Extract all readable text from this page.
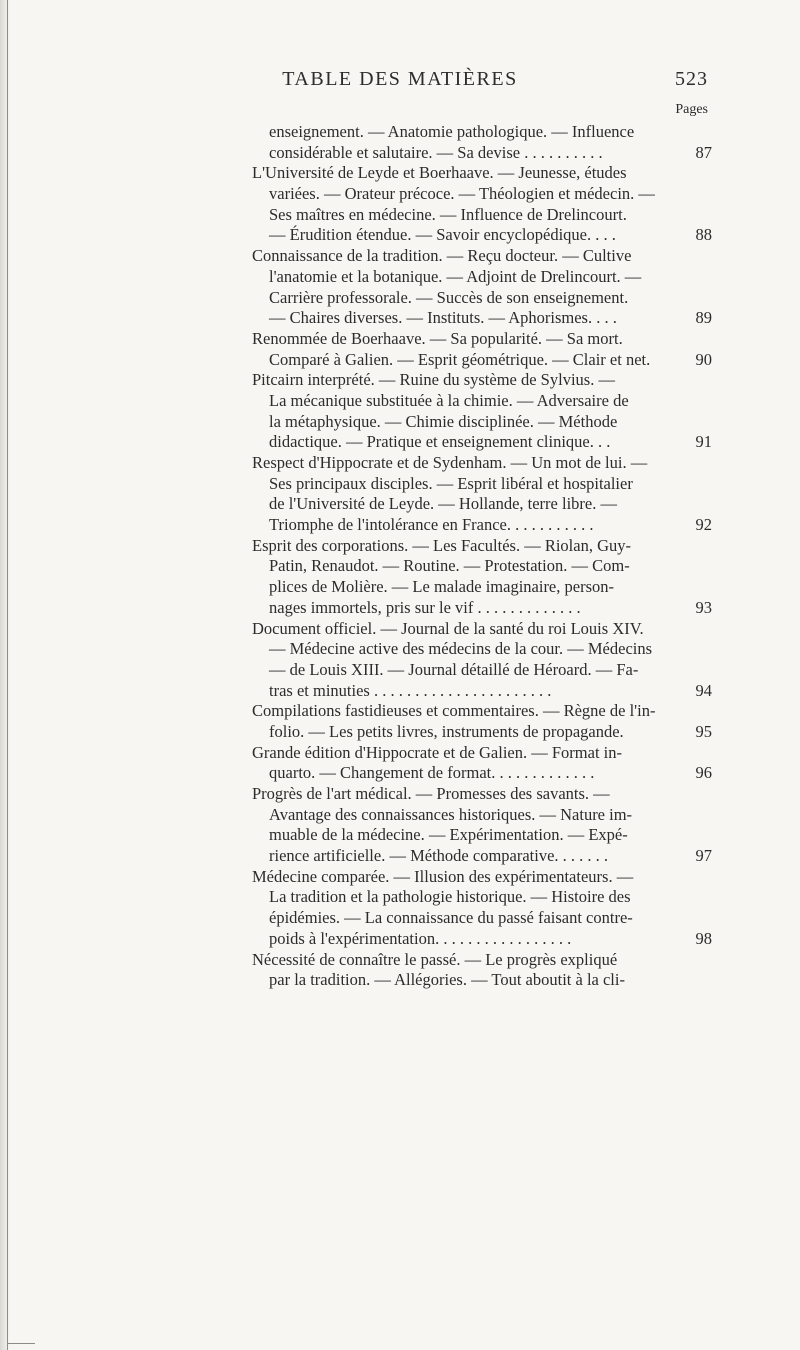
TABLE DES MATIÈRES	523
Pages
enseignement. — Anatomie pathologique. — Influence
considérable et salutaire. — Sa devise . . . . . . . . . .	87
L'Université de Leyde et Boerhaave. — Jeunesse, études
variées. — Orateur précoce. — Théologien et médecin. —
Ses maîtres en médecine. — Influence de Drelincourt.
— Érudition étendue. — Savoir encyclopédique. . . .	88
Connaissance de la tradition. — Reçu docteur. — Cultive
l'anatomie et la botanique. — Adjoint de Drelincourt. —
Carrière professorale. — Succès de son enseignement.
— Chaires diverses. — Instituts. — Aphorismes. . . .	89
Renommée de Boerhaave. — Sa popularité. — Sa mort.
Comparé à Galien. — Esprit géométrique. — Clair et net.	90
Pitcairn interprété. — Ruine du système de Sylvius. —
La mécanique substituée à la chimie. — Adversaire de
la métaphysique. — Chimie disciplinée. — Méthode
didactique. — Pratique et enseignement clinique. . .	91
Respect d'Hippocrate et de Sydenham. — Un mot de lui. —
Ses principaux disciples. — Esprit libéral et hospitalier
de l'Université de Leyde. — Hollande, terre libre. —
Triomphe de l'intolérance en France. . . . . . . . . . .	92
Esprit des corporations. — Les Facultés. — Riolan, Guy-
Patin, Renaudot. — Routine. — Protestation. — Com-
plices de Molière. — Le malade imaginaire, person-
nages immortels, pris sur le vif . . . . . . . . . . . . .	93
Document officiel. — Journal de la santé du roi Louis XIV.
— Médecine active des médecins de la cour. — Médecins
— de Louis XIII. — Journal détaillé de Héroard. — Fa-
tras et minuties . . . . . . . . . . . . . . . . . . . . . .	94
Compilations fastidieuses et commentaires. — Règne de l'in-
folio. — Les petits livres, instruments de propagande.	95
Grande édition d'Hippocrate et de Galien. — Format in-
quarto. — Changement de format. . . . . . . . . . . . .	96
Progrès de l'art médical. — Promesses des savants. —
Avantage des connaissances historiques. — Nature im-
muable de la médecine. — Expérimentation. — Expé-
rience artificielle. — Méthode comparative. . . . . . .	97
Médecine comparée. — Illusion des expérimentateurs. —
La tradition et la pathologie historique. — Histoire des
épidémies. — La connaissance du passé faisant contre-
poids à l'expérimentation. . . . . . . . . . . . . . . . .	98
Nécessité de connaître le passé. — Le progrès expliqué
par la tradition. — Allégories. — Tout aboutit à la cli-
